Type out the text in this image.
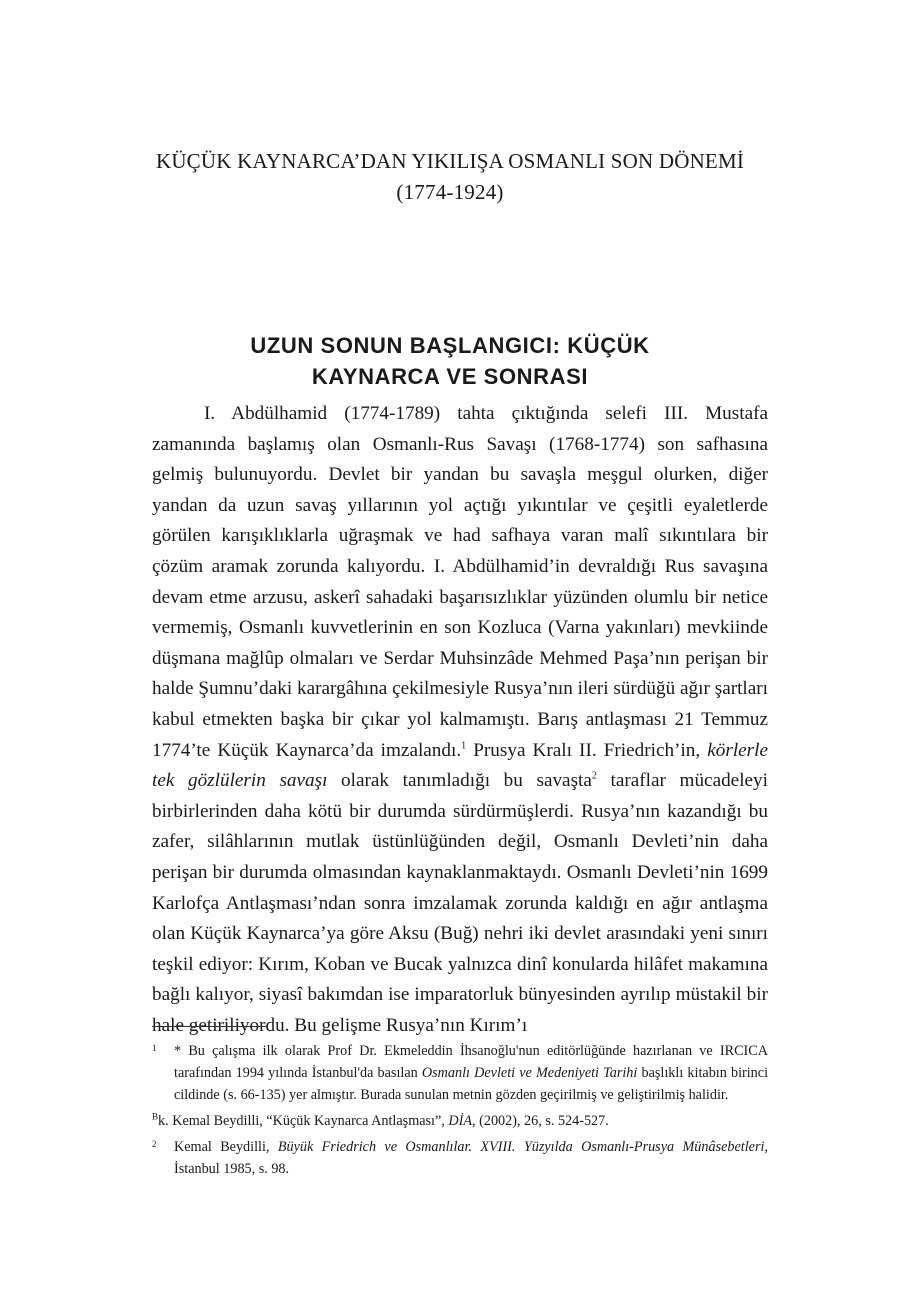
KÜÇÜK KAYNARCA’DAN YIKILIŞA OSMANLI SON DÖNEMİ
(1774-1924)
UZUN SONUN BAŞLANGICI: KÜÇÜK
KAYNARCA VE SONRASI

I. Abdülhamid (1774-1789) tahta çıktığında selefi III. Mustafa zamanında başlamış olan Osmanlı-Rus Savaşı (1768-1774) son safhasına gelmiş bulunuyordu. Devlet bir yandan bu savaşla meşgul olurken, diğer yandan da uzun savaş yıllarının yol açtığı yıkıntılar ve çeşitli eyaletlerde görülen karışıklıklarla uğraşmak ve had safhaya varan malî sıkıntılara bir çözüm aramak zorunda kalıyordu. I. Abdülhamid’in devraldığı Rus savaşına devam etme arzusu, askerî sahadaki başarısızlıklar yüzünden olumlu bir netice vermemiş, Osmanlı kuvvetlerinin en son Kozluca (Varna yakınları) mevkiinde düşmana mağlûp olmaları ve Serdar Muhsinzâde Mehmed Paşa’nın perişan bir halde Şumnu’daki karargâhına çekilmesiyle Rusya’nın ileri sürdüğü ağır şartları kabul etmekten başka bir çıkar yol kalmamıştı. Barış antlaşması 21 Temmuz 1774’te Küçük Kaynarca’da imzalandı.$^1$ Prusya Kralı II. Friedrich’in, körlerle tek gözlülerin savaşı olarak tanımladığı bu savaşta$^2$ taraflar mücadeleyi birbirlerinden daha kötü bir durumda sürdürmüşlerdi. Rusya’nın kazandığı bu zafer, silâhlarının mutlak üstünlüğünden değil, Osmanlı Devleti’nin daha perişan bir durumda olmasından kaynaklanmaktaydı. Osmanlı Devleti’nin 1699 Karlofça Antlaşması’ndan sonra imzalamak zorunda kaldığı en ağır antlaşma olan Küçük Kaynarca’ya göre Aksu (Buğ) nehri iki devlet arasındaki yeni sınırı teşkil ediyor: Kırım, Koban ve Bucak yalnızca dinî konularda hilâfet makamına bağlı kalıyor, siyasî bakımdan ise imparatorluk bünyesinden ayrılıp müstakil bir hale getiriliyordu. Bu gelişme Rusya’nın Kırım’ı

1 * Bu çalışma ilk olarak Prof Dr. Ekmeleddin İhsanoğlu'nun editörlüğünde hazırlanan ve IRCICA tarafından 1994 yılında İstanbul'da basılan Osmanlı Devleti ve Medeniyeti Tarihi başlıklı kitabın birinci cildinde (s. 66-135) yer almıştır. Burada sunulan metnin gözden geçirilmiş ve geliştirilmiş halidir.
$^B$k. Kemal Beydilli, “Küçük Kaynarca Antlaşması”, DİA, (2002), 26, s. 524-527.
2 Kemal Beydilli, Büyük Friedrich ve Osmanlılar. XVIII. Yüzyılda Osmanlı-Prusya Münâsebetleri, İstanbul 1985, s. 98.
